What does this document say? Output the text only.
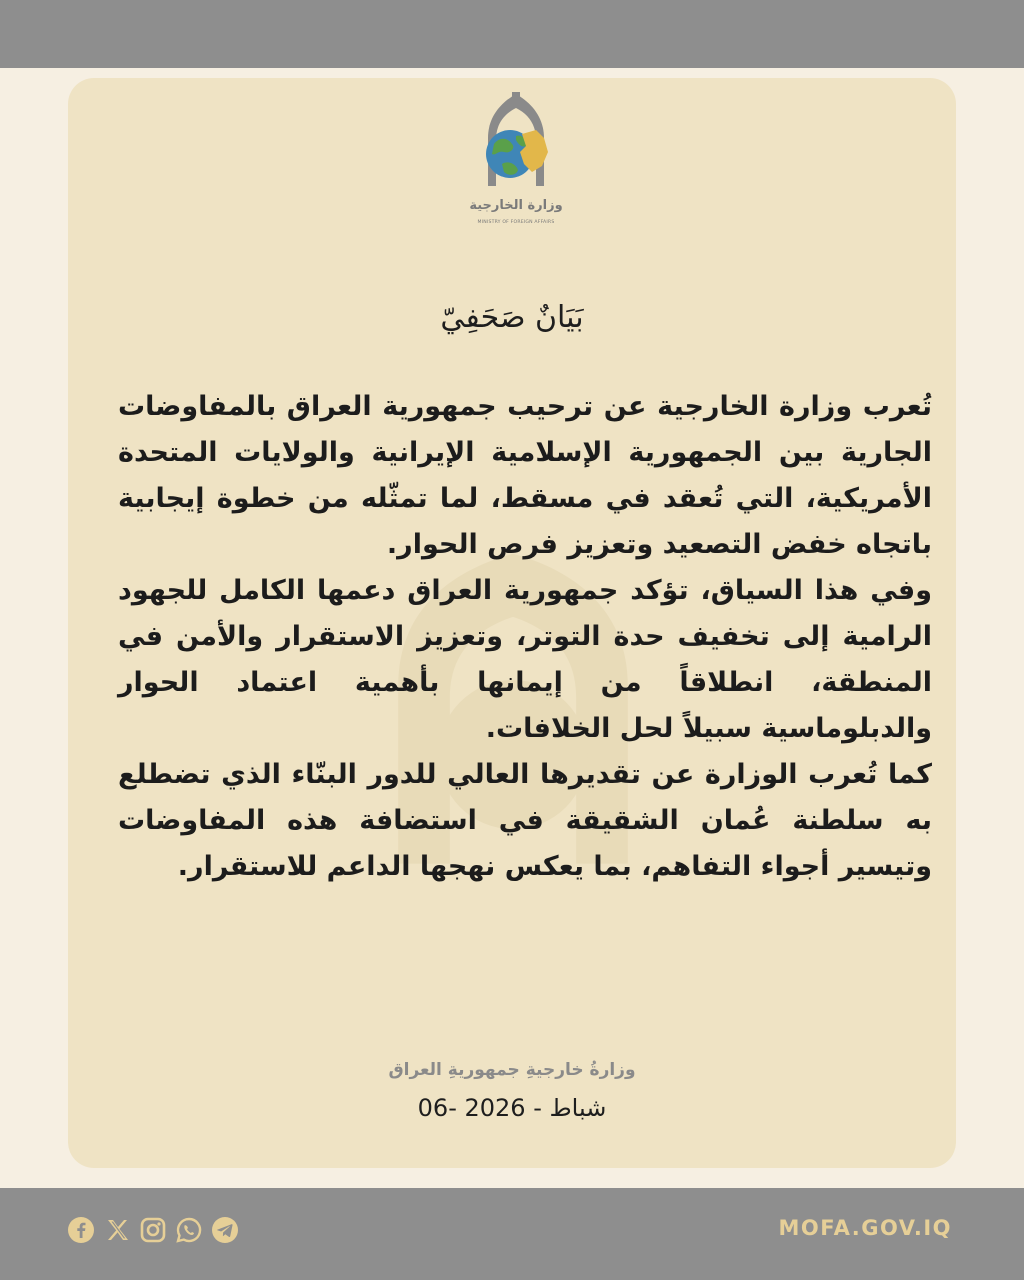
وزارة الخارجية
MINISTRY OF FOREIGN AFFAIRS
بَيَانٌ صَحَفِيّ

تُعرب وزارة الخارجية عن ترحيب جمهورية العراق بالمفاوضات الجارية بين الجمهورية الإسلامية الإيرانية والولايات المتحدة الأمريكية، التي تُعقد في مسقط، لما تمثّله من خطوة إيجابية باتجاه خفض التصعيد وتعزيز فرص الحوار.

وفي هذا السياق، تؤكد جمهورية العراق دعمها الكامل للجهود الرامية إلى تخفيف حدة التوتر، وتعزيز الاستقرار والأمن في المنطقة، انطلاقاً من إيمانها بأهمية اعتماد الحوار والدبلوماسية سبيلاً لحل الخلافات.

كما تُعرب الوزارة عن تقديرها العالي للدور البنّاء الذي تضطلع به سلطنة عُمان الشقيقة في استضافة هذه المفاوضات وتيسير أجواء التفاهم، بما يعكس نهجها الداعم للاستقرار.

وزارةُ خارجيةِ جمهوريةِ العراق
06- شباط - 2026
MOFA.GOV.IQ
